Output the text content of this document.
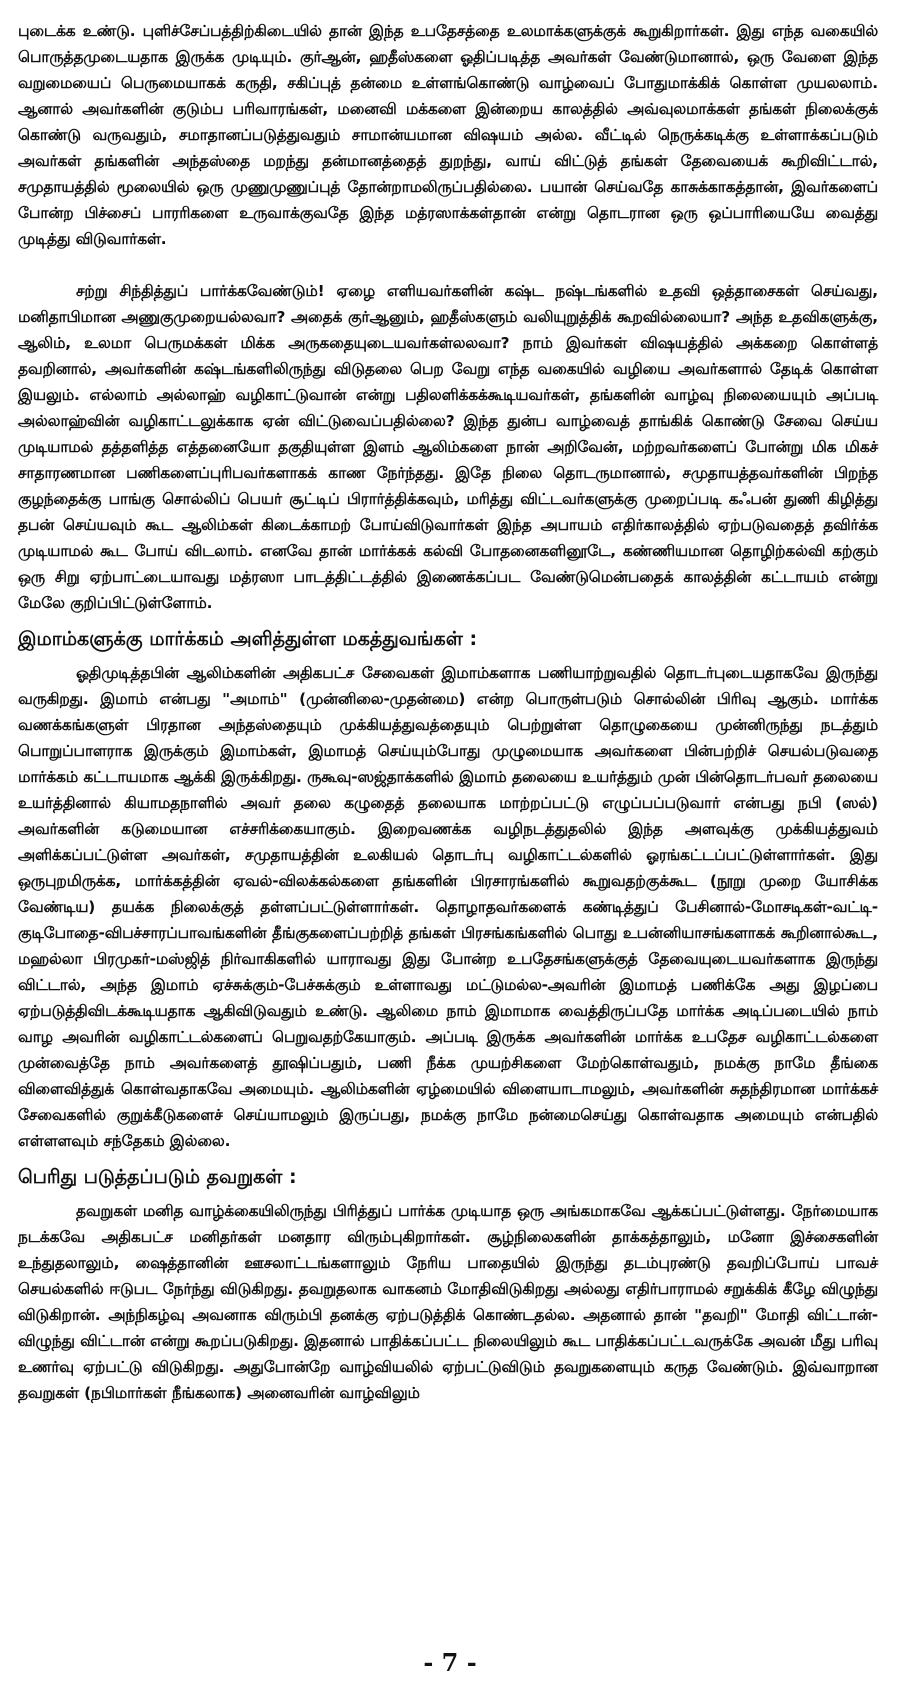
புடைக்க உண்டு. புளிச்சேப்பத்திற்கிடையில் தான் இந்த உபதேசத்தை உலமாக்களுக்குக் கூறுகிறார்கள். இது எந்த வகையில் பொருத்தமுடையதாக இருக்க முடியும். குர்ஆன், ஹதீஸ்களை ஓதிப்படித்த அவர்கள் வேண்டுமானால், ஒரு வேளை இந்த வறுமையைப் பெருமையாகக் கருதி, சகிப்புத் தன்மை உள்ளங்கொண்டு வாழ்வைப் போதுமாக்கிக் கொள்ள முயலலாம். ஆனால் அவர்களின் குடும்ப பரிவாரங்கள், மனைவி மக்களை இன்றைய காலத்தில் அவ்வுலமாக்கள் தங்கள் நிலைக்குக் கொண்டு வருவதும், சமாதானப்படுத்துவதும் சாமான்யமான விஷயம் அல்ல. வீட்டில் நெருக்கடிக்கு உள்ளாக்கப்படும் அவர்கள் தங்களின் அந்தஸ்தை மறந்து தன்மானத்தைத் துறந்து, வாய் விட்டுத் தங்கள் தேவையைக் கூறிவிட்டால், சமுதாயத்தில் மூலையில் ஒரு முணுமுணுப்புத் தோன்றாமலிருப்பதில்லை. பயான் செய்வதே காசுக்காகத்தான், இவர்களைப் போன்ற பிச்சைப் பாரரிகளை உருவாக்குவதே இந்த மத்ரஸாக்கள்தான் என்று தொடரான ஒரு ஒப்பாரியையே வைத்து முடித்து விடுவார்கள்.

சற்று சிந்தித்துப் பார்க்கவேண்டும்! ஏழை எளியவர்களின் கஷ்ட நஷ்டங்களில் உதவி ஒத்தாசைகள் செய்வது, மனிதாபிமான அணுகுமுறையல்லவா? அதைக் குர்ஆனும், ஹதீஸ்களும் வலியுறுத்திக் கூறவில்லையா? அந்த உதவிகளுக்கு, ஆலிம், உலமா பெருமக்கள் மிக்க அருகதையுடையவர்கள்லலவா? நாம் இவர்கள் விஷயத்தில் அக்கறை கொள்ளத் தவறினால், அவர்களின் கஷ்டங்களிலிருந்து விடுதலை பெற வேறு எந்த வகையில் வழியை அவர்களால் தேடிக் கொள்ள இயலும். எல்லாம் அல்லாஹ் வழிகாட்டுவான் என்று பதிலளிக்கக்கூடியவர்கள், தங்களின் வாழ்வு நிலையையும் அப்படி அல்லாஹ்வின் வழிகாட்டலுக்காக ஏன் விட்டுவைப்பதில்லை? இந்த துன்ப வாழ்வைத் தாங்கிக் கொண்டு சேவை செய்ய முடியாமல் தத்தளித்த எத்தனையோ தகுதியுள்ள இளம் ஆலிம்களை நான் அறிவேன், மற்றவர்களைப் போன்று மிக மிகச் சாதாரணமான பணிகளைப்புரிபவர்களாகக் காண நேர்ந்தது. இதே நிலை தொடருமானால், சமுதாயத்தவர்களின் பிறந்த குழந்தைக்கு பாங்கு சொல்லிப் பெயர் சூட்டிப் பிரார்த்திக்கவும், மரித்து விட்டவர்களுக்கு முறைப்படி கஃபன் துணி கிழித்து தபன் செய்யவும் கூட ஆலிம்கள் கிடைக்காமற் போய்விடுவார்கள் இந்த அபாயம் எதிர்காலத்தில் ஏற்படுவதைத் தவிர்க்க முடியாமல் கூட போய் விடலாம். எனவே தான் மார்க்கக் கல்வி போதனைகளினூடே, கண்ணியமான தொழிற்கல்வி கற்கும் ஒரு சிறு ஏற்பாட்டையாவது மத்ரஸா பாடத்திட்டத்தில் இணைக்கப்பட வேண்டுமென்பதைக் காலத்தின் கட்டாயம் என்று மேலே குறிப்பிட்டுள்ளோம்.

இமாம்களுக்கு மார்க்கம் அளித்துள்ள மகத்துவங்கள் :

ஓதிமுடித்தபின் ஆலிம்களின் அதிகபட்ச சேவைகள் இமாம்களாக பணியாற்றுவதில் தொடர்புடையதாகவே இருந்து வருகிறது. இமாம் என்பது "அமாம்" (முன்னிலை-முதன்மை) என்ற பொருள்படும் சொல்லின் பிரிவு ஆகும். மார்க்க வணக்கங்களுள் பிரதான அந்தஸ்தையும் முக்கியத்துவத்தையும் பெற்றுள்ள தொழுகையை முன்னிருந்து நடத்தும் பொறுப்பாளராக இருக்கும் இமாம்கள், இமாமத் செய்யும்போது முழுமையாக அவர்களை பின்பற்றிச் செயல்படுவதை மார்க்கம் கட்டாயமாக ஆக்கி இருக்கிறது. ருகூவு-ஸஜ்தாக்களில் இமாம் தலையை உயர்த்தும் முன் பின்தொடர்பவர் தலையை உயர்த்தினால் கியாமதநாளில் அவர் தலை கழுதைத் தலையாக மாற்றப்பட்டு எழுப்பப்படுவார் என்பது நபி (ஸல்) அவர்களின் கடுமையான எச்சரிக்கையாகும். இறைவணக்க வழிநடத்துதலில் இந்த அளவுக்கு முக்கியத்துவம் அளிக்கப்பட்டுள்ள அவர்கள், சமுதாயத்தின் உலகியல் தொடர்பு வழிகாட்டல்களில் ஓரங்கட்டப்பட்டுள்ளார்கள். இது ஒருபுறமிருக்க, மார்க்கத்தின் ஏவல்-விலக்கல்களை தங்களின் பிரசாரங்களில் கூறுவதற்குக்கூட (நூறு முறை யோசிக்க வேண்டிய) தயக்க நிலைக்குத் தள்ளப்பட்டுள்ளார்கள். தொழாதவர்களைக் கண்டித்துப் பேசினால்-மோசடிகள்-வட்டி-குடிபோதை-விபச்சாரப்பாவங்களின் தீங்குகளைப்பற்றித் தங்கள் பிரசங்கங்களில் பொது உபன்னியாசங்களாகக் கூறினால்கூட, மஹல்லா பிரமுகர்-மஸ்ஜித் நிர்வாகிகளில் யாராவது இது போன்ற உபதேசங்களுக்குத் தேவையுடையவர்களாக இருந்து விட்டால், அந்த இமாம் ஏச்சுக்கும்-பேச்சுக்கும் உள்ளாவது மட்டுமல்ல-அவரின் இமாமத் பணிக்கே அது இழப்பை ஏற்படுத்திவிடக்கூடியதாக ஆகிவிடுவதும் உண்டு. ஆலிமை நாம் இமாமாக வைத்திருப்பதே மார்க்க அடிப்படையில் நாம் வாழ அவரின் வழிகாட்டல்களைப் பெறுவதற்கேயாகும். அப்படி இருக்க அவர்களின் மார்க்க உபதேச வழிகாட்டல்களை முன்வைத்தே நாம் அவர்களைத் தூஷிப்பதும், பணி நீக்க முயற்சிகளை மேற்கொள்வதும், நமக்கு நாமே தீங்கை விளைவித்துக் கொள்வதாகவே அமையும். ஆலிம்களின் ஏழ்மையில் விளையாடாமலும், அவர்களின் சுதந்திரமான மார்க்கச் சேவைகளில் குறுக்கீடுகளைச் செய்யாமலும் இருப்பது, நமக்கு நாமே நன்மைசெய்து கொள்வதாக அமையும் என்பதில் எள்ளளவும் சந்தேகம் இல்லை.

பெரிது படுத்தப்படும் தவறுகள் :

தவறுகள் மனித வாழ்க்கையிலிருந்து பிரித்துப் பார்க்க முடியாத ஒரு அங்கமாகவே ஆக்கப்பட்டுள்ளது. நேர்மையாக நடக்கவே அதிகபட்ச மனிதர்கள் மனதார விரும்புகிறார்கள். சூழ்நிலைகளின் தாக்கத்தாலும், மனோ இச்சைகளின் உந்துதலாலும், ஷைத்தானின் ஊசலாட்டங்களாலும் நேரிய பாதையில் இருந்து தடம்புரண்டு தவறிப்போய் பாவச் செயல்களில் ஈடுபட நேர்ந்து விடுகிறது. தவறுதலாக வாகனம் மோதிவிடுகிறது அல்லது எதிர்பாராமல் சறுக்கிக் கீழே விழுந்து விடுகிறான். அந்நிகழ்வு அவனாக விரும்பி தனக்கு ஏற்படுத்திக் கொண்டதல்ல. அதனால் தான் "தவறி" மோதி விட்டான்-விழுந்து விட்டான் என்று கூறப்படுகிறது. இதனால் பாதிக்கப்பட்ட நிலையிலும் கூட பாதிக்கப்பட்டவருக்கே அவன் மீது பரிவு உணர்வு ஏற்பட்டு விடுகிறது. அதுபோன்றே வாழ்வியலில் ஏற்பட்டுவிடும் தவறுகளையும் கருத வேண்டும். இவ்வாறான தவறுகள் (நபிமார்கள் நீங்கலாக) அனைவரின் வாழ்விலும்

- 7 -
